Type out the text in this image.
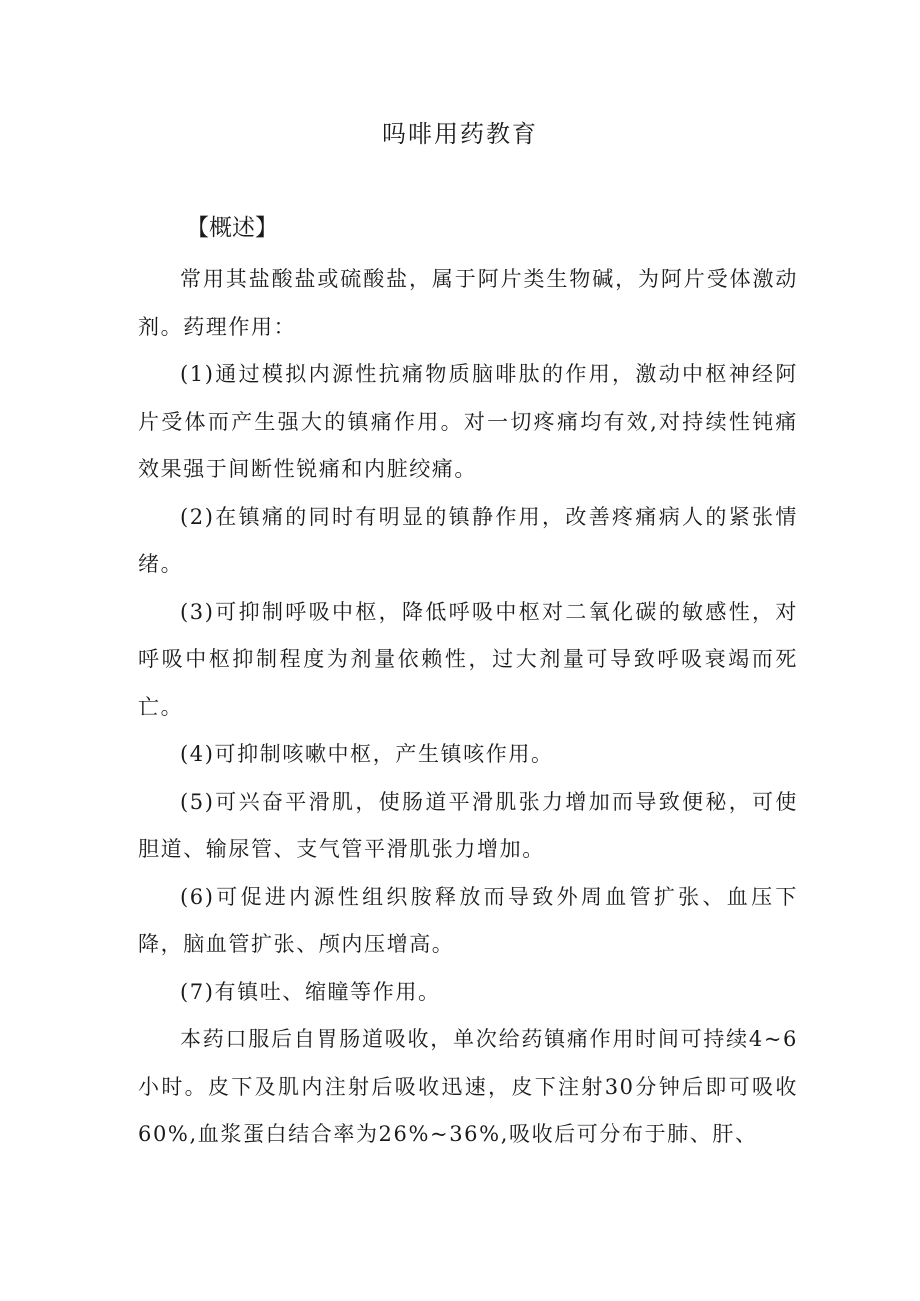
吗啡用药教育
【概述】

常用其盐酸盐或硫酸盐，属于阿片类生物碱，为阿片受体激动剂。药理作用：

(1)通过模拟内源性抗痛物质脑啡肽的作用，激动中枢神经阿片受体而产生强大的镇痛作用。对一切疼痛均有效,对持续性钝痛效果强于间断性锐痛和内脏绞痛。

(2)在镇痛的同时有明显的镇静作用，改善疼痛病人的紧张情绪。

(3)可抑制呼吸中枢，降低呼吸中枢对二氧化碳的敏感性，对呼吸中枢抑制程度为剂量依赖性，过大剂量可导致呼吸衰竭而死亡。

(4)可抑制咳嗽中枢，产生镇咳作用。

(5)可兴奋平滑肌，使肠道平滑肌张力增加而导致便秘，可使胆道、输尿管、支气管平滑肌张力增加。

(6)可促进内源性组织胺释放而导致外周血管扩张、血压下降，脑血管扩张、颅内压增高。

(7)有镇吐、缩瞳等作用。

本药口服后自胃肠道吸收，单次给药镇痛作用时间可持续4~6小时。皮下及肌内注射后吸收迅速，皮下注射30分钟后即可吸收60%,血浆蛋白结合率为26%~36%,吸收后可分布于肺、肝、
